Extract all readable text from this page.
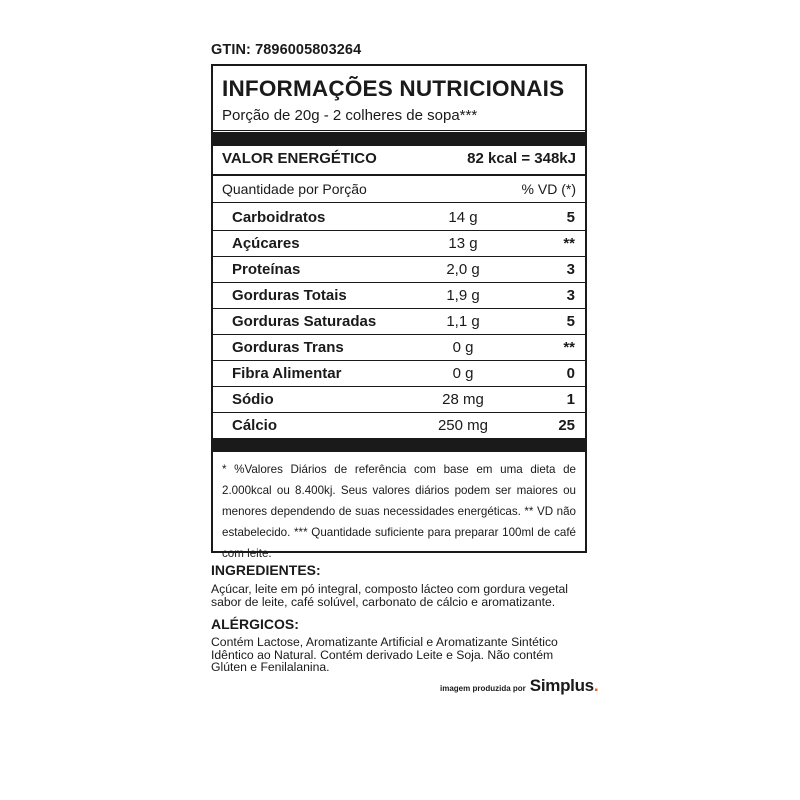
GTIN: 7896005803264
INFORMAÇÕES NUTRICIONAIS
Porção de 20g - 2 colheres de sopa***
VALOR ENERGÉTICO	82 kcal = 348kJ
Quantidade por Porção	% VD (*)
Carboidratos	14 g	5
Açúcares	13 g	**
Proteínas	2,0 g	3
Gorduras Totais	1,9 g	3
Gorduras Saturadas	1,1 g	5
Gorduras Trans	0 g	**
Fibra Alimentar	0 g	0
Sódio	28 mg	1
Cálcio	250 mg	25
* %Valores Diários de referência com base em uma dieta de 2.000kcal ou 8.400kj. Seus valores diários podem ser maiores ou menores dependendo de suas necessidades energéticas. ** VD não estabelecido. *** Quantidade suficiente para preparar 100ml de café com leite.
INGREDIENTES:
Açúcar, leite em pó integral, composto lácteo com gordura vegetal sabor de leite, café solúvel, carbonato de cálcio e aromatizante.
ALÉRGICOS:
Contém Lactose, Aromatizante Artificial e Aromatizante Sintético Idêntico ao Natural. Contém derivado Leite e Soja. Não contém Glúten e Fenilalanina.
imagem produzida por Simplus .
